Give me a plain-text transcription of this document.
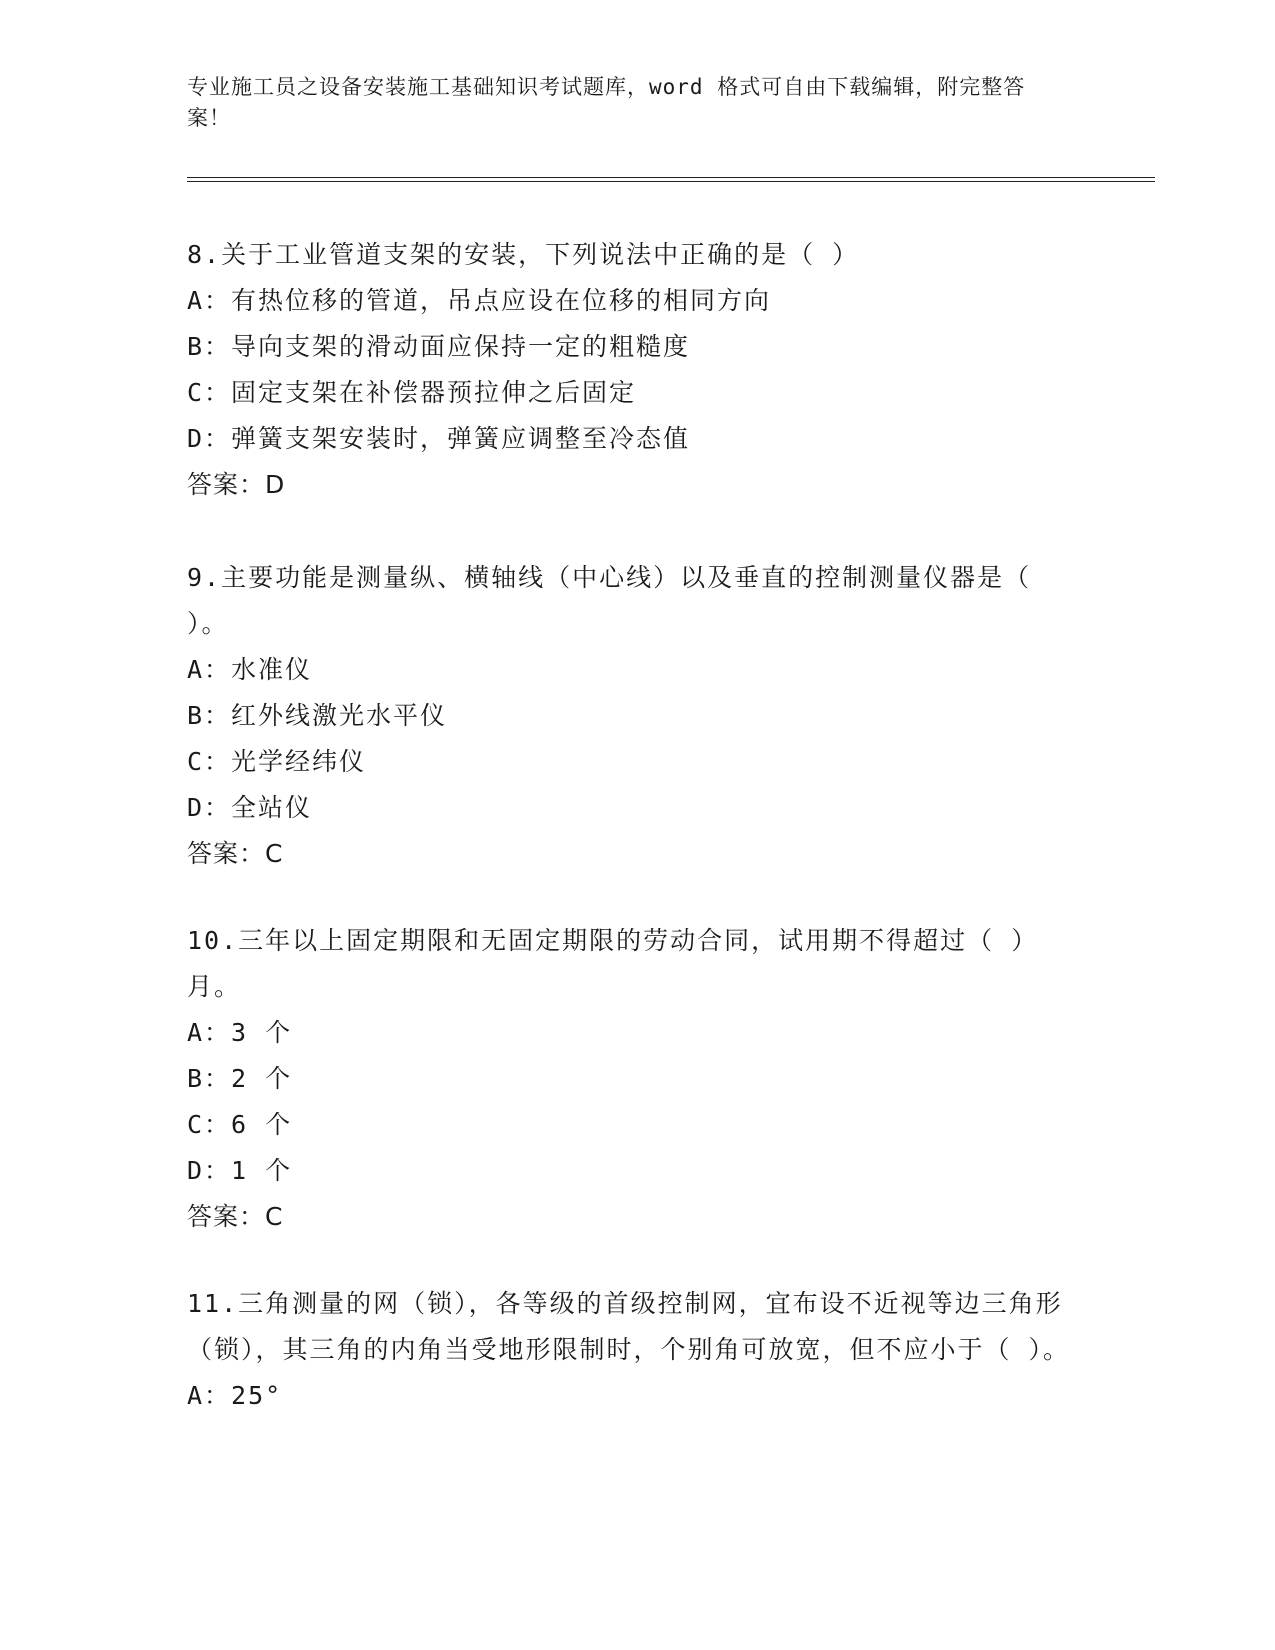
专业施工员之设备安装施工基础知识考试题库，word 格式可自由下载编辑，附完整答案！

8.关于工业管道支架的安装，下列说法中正确的是（ ）

A：有热位移的管道，吊点应设在位移的相同方向

B：导向支架的滑动面应保持一定的粗糙度

C：固定支架在补偿器预拉伸之后固定

D：弹簧支架安装时，弹簧应调整至冷态值

答案：D

9.主要功能是测量纵、横轴线（中心线）以及垂直的控制测量仪器是（ ）。

A：水准仪

B：红外线激光水平仪

C：光学经纬仪

D：全站仪

答案：C

10.三年以上固定期限和无固定期限的劳动合同，试用期不得超过（ ）月。

A：3 个

B：2 个

C：6 个

D：1 个

答案：C

11.三角测量的网（锁），各等级的首级控制网，宜布设不近视等边三角形（锁），其三角的内角当受地形限制时，个别角可放宽，但不应小于（ ）。

A：25°
